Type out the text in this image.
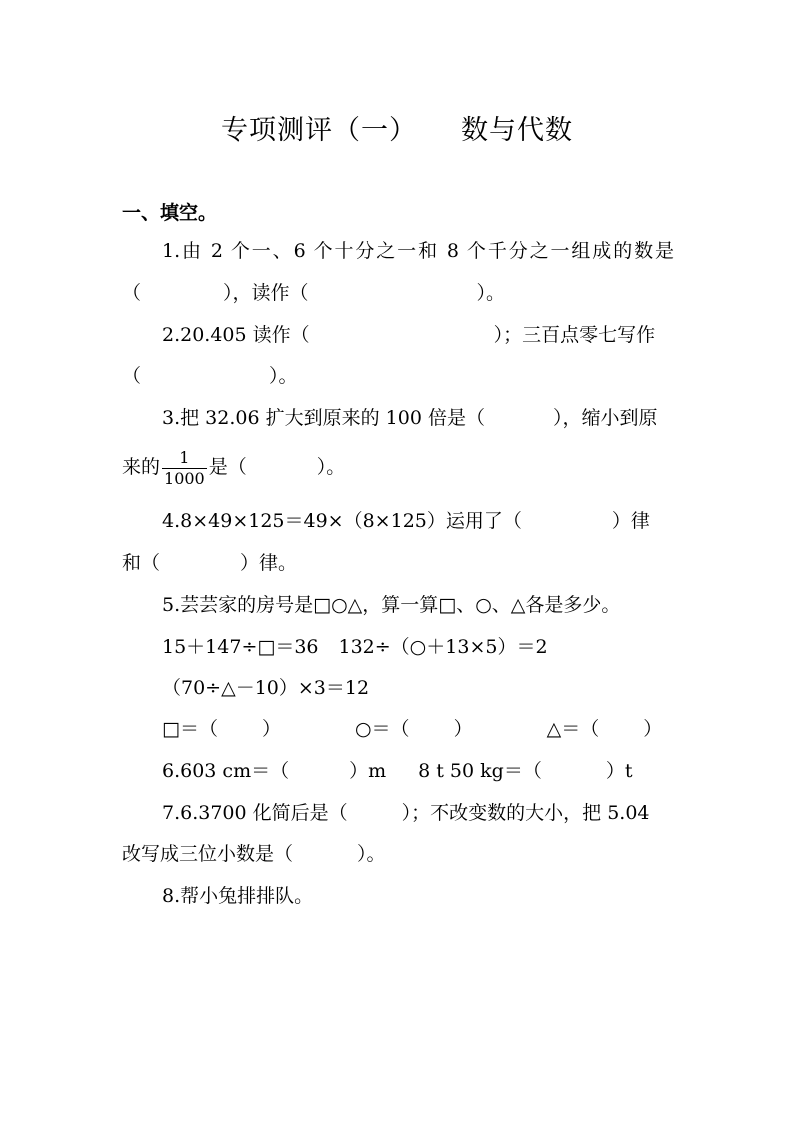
专项测评（一） 数与代数
一、填空。
1.由 2 个一、6 个十分之一和 8 个千分之一组成的数是
（	），读作（	）。
2.20.405 读作（	）；三百点零七写作
（	）。
3.把 32.06 扩大到原来的 100 倍是（	），缩小到原
来的 $\frac{1}{1000}$ 是（	）。
4.8×49×125＝49×（8×125）运用了（	）律
和（	）律。
5.芸芸家的房号是□○△，算一算□、○、△各是多少。
15＋147÷□＝36 132÷（○＋13×5）＝2
（70÷△－10）×3＝12
□＝（ ）	○＝（ ）	△＝（ ）
6.603 cm＝（	）m 8 t 50 kg＝（	）t
7.6.3700 化简后是（	）；不改变数的大小，把 5.04
改写成三位小数是（	）。
8.帮小兔排排队。
